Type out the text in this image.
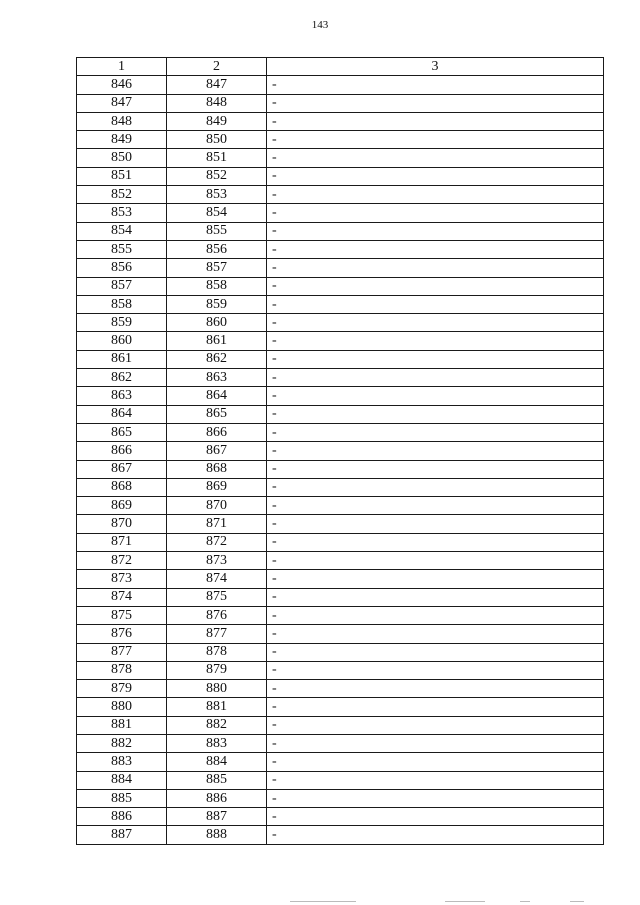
143
1	2	3
846	847	-
847	848	-
848	849	-
849	850	-
850	851	-
851	852	-
852	853	-
853	854	-
854	855	-
855	856	-
856	857	-
857	858	-
858	859	-
859	860	-
860	861	-
861	862	-
862	863	-
863	864	-
864	865	-
865	866	-
866	867	-
867	868	-
868	869	-
869	870	-
870	871	-
871	872	-
872	873	-
873	874	-
874	875	-
875	876	-
876	877	-
877	878	-
878	879	-
879	880	-
880	881	-
881	882	-
882	883	-
883	884	-
884	885	-
885	886	-
886	887	-
887	888	-
